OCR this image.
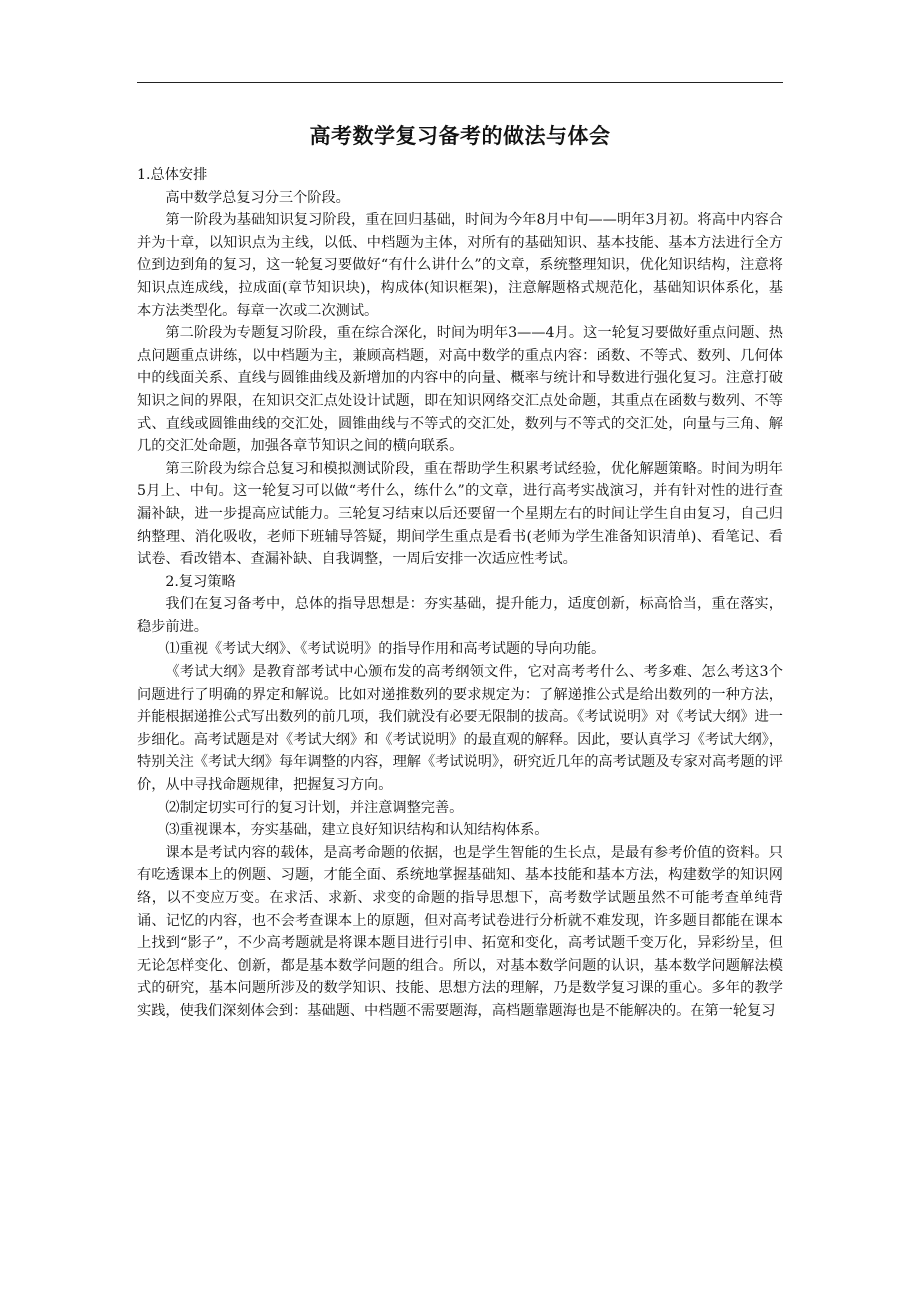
高考数学复习备考的做法与体会

1.总体安排

高中数学总复习分三个阶段。

第一阶段为基础知识复习阶段，重在回归基础，时间为今年8月中旬——明年3月初。将高中内容合并为十章，以知识点为主线，以低、中档题为主体，对所有的基础知识、基本技能、基本方法进行全方位到边到角的复习，这一轮复习要做好“有什么讲什么”的文章，系统整理知识，优化知识结构，注意将知识点连成线，拉成面(章节知识块)，构成体(知识框架)，注意解题格式规范化，基础知识体系化，基本方法类型化。每章一次或二次测试。

第二阶段为专题复习阶段，重在综合深化，时间为明年3——4月。这一轮复习要做好重点问题、热点问题重点讲练，以中档题为主，兼顾高档题，对高中数学的重点内容：函数、不等式、数列、几何体中的线面关系、直线与圆锥曲线及新增加的内容中的向量、概率与统计和导数进行强化复习。注意打破知识之间的界限，在知识交汇点处设计试题，即在知识网络交汇点处命题，其重点在函数与数列、不等式、直线或圆锥曲线的交汇处，圆锥曲线与不等式的交汇处，数列与不等式的交汇处，向量与三角、解几的交汇处命题，加强各章节知识之间的横向联系。

第三阶段为综合总复习和模拟测试阶段，重在帮助学生积累考试经验，优化解题策略。时间为明年5月上、中旬。这一轮复习可以做“考什么，练什么”的文章，进行高考实战演习，并有针对性的进行查漏补缺，进一步提高应试能力。三轮复习结束以后还要留一个星期左右的时间让学生自由复习，自己归纳整理、消化吸收，老师下班辅导答疑，期间学生重点是看书(老师为学生准备知识清单)、看笔记、看试卷、看改错本、查漏补缺、自我调整，一周后安排一次适应性考试。

2.复习策略

我们在复习备考中，总体的指导思想是：夯实基础，提升能力，适度创新，标高恰当，重在落实，稳步前进。

⑴重视《考试大纲》、《考试说明》的指导作用和高考试题的导向功能。

《考试大纲》是教育部考试中心颁布发的高考纲领文件，它对高考考什么、考多难、怎么考这3个问题进行了明确的界定和解说。比如对递推数列的要求规定为：了解递推公式是给出数列的一种方法，并能根据递推公式写出数列的前几项，我们就没有必要无限制的拔高。《考试说明》对《考试大纲》进一步细化。高考试题是对《考试大纲》和《考试说明》的最直观的解释。因此，要认真学习《考试大纲》，特别关注《考试大纲》每年调整的内容，理解《考试说明》，研究近几年的高考试题及专家对高考题的评价，从中寻找命题规律，把握复习方向。

⑵制定切实可行的复习计划，并注意调整完善。

⑶重视课本，夯实基础，建立良好知识结构和认知结构体系。

课本是考试内容的载体，是高考命题的依据，也是学生智能的生长点，是最有参考价值的资料。只有吃透课本上的例题、习题，才能全面、系统地掌握基础知、基本技能和基本方法，构建数学的知识网络，以不变应万变。在求活、求新、求变的命题的指导思想下，高考数学试题虽然不可能考查单纯背诵、记忆的内容，也不会考查课本上的原题，但对高考试卷进行分析就不难发现，许多题目都能在课本上找到“影子”，不少高考题就是将课本题目进行引申、拓宽和变化，高考试题千变万化，异彩纷呈，但无论怎样变化、创新，都是基本数学问题的组合。所以，对基本数学问题的认识，基本数学问题解法模式的研究，基本问题所涉及的数学知识、技能、思想方法的理解，乃是数学复习课的重心。多年的教学实践，使我们深刻体会到：基础题、中档题不需要题海，高档题靠题海也是不能解决的。在第一轮复习
